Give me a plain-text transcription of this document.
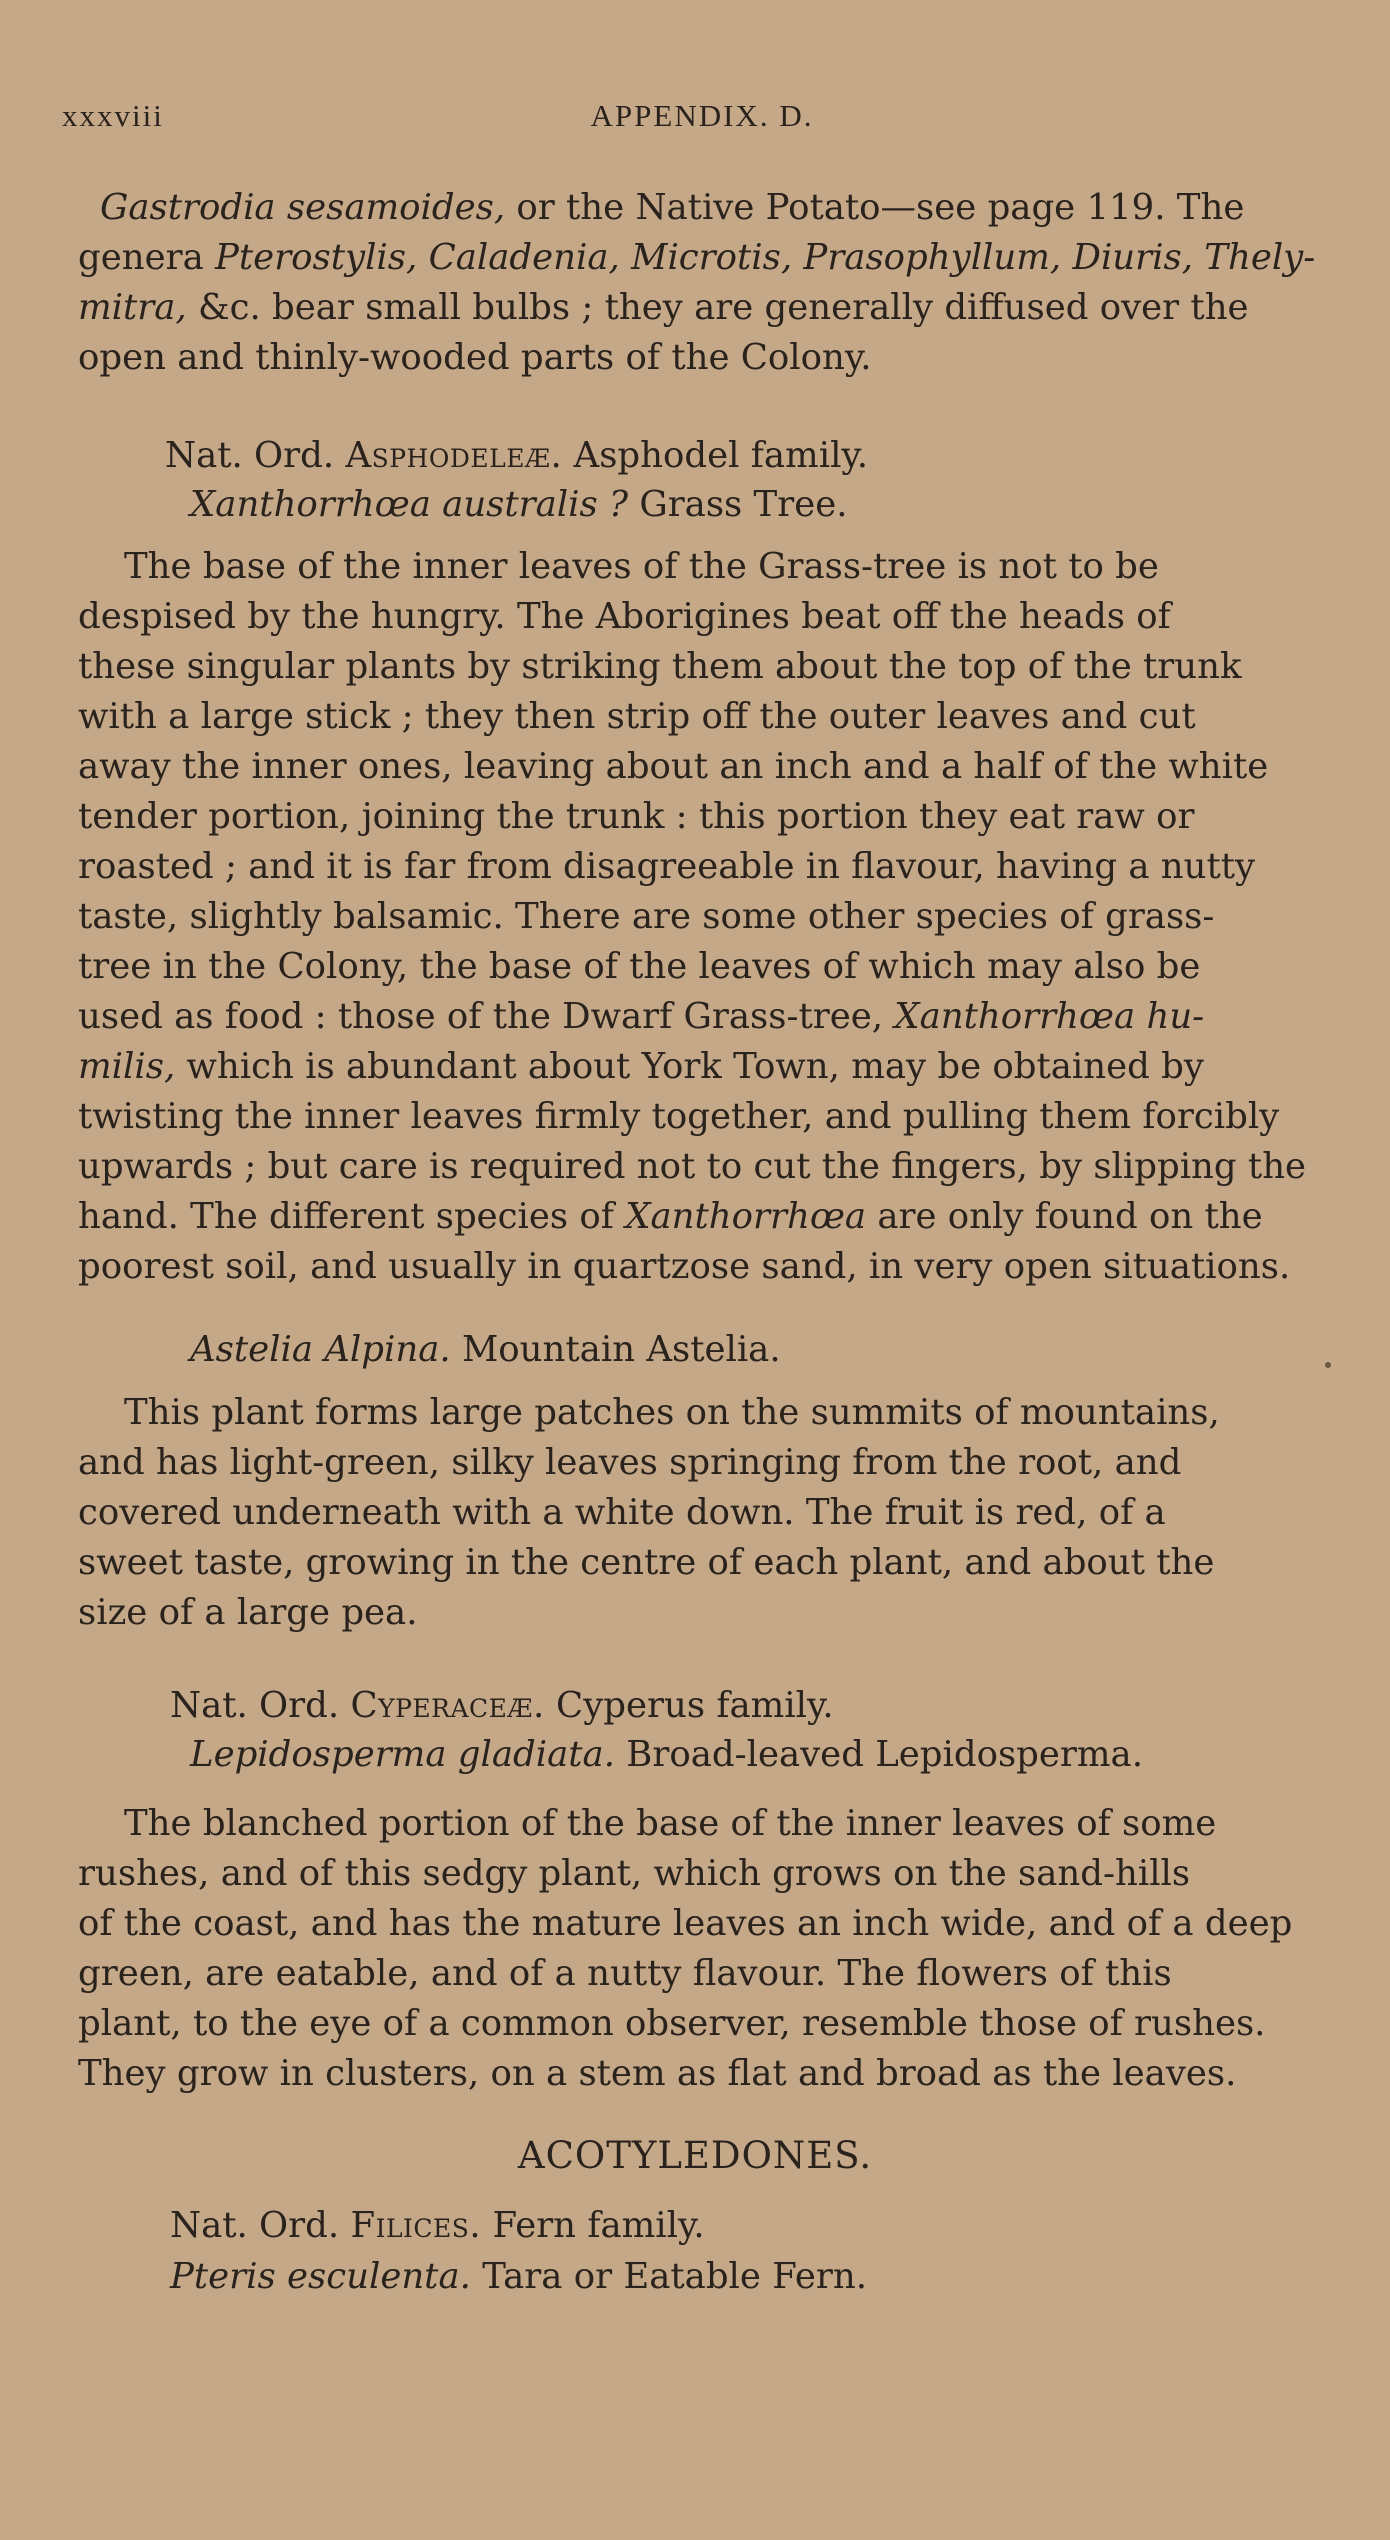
xxxviii	APPENDIX. D.
Gastrodia sesamoides, or the Native Potato—see page 119. The
genera Pterostylis, Caladenia, Microtis, Prasophyllum, Diuris, Thely-
mitra, &c. bear small bulbs ; they are generally diffused over the
open and thinly-wooded parts of the Colony.
Nat. Ord. Asphodeleæ. Asphodel family.
Xanthorrhœa australis ? Grass Tree.
The base of the inner leaves of the Grass-tree is not to be
despised by the hungry. The Aborigines beat off the heads of
these singular plants by striking them about the top of the trunk
with a large stick ; they then strip off the outer leaves and cut
away the inner ones, leaving about an inch and a half of the white
tender portion, joining the trunk : this portion they eat raw or
roasted ; and it is far from disagreeable in flavour, having a nutty
taste, slightly balsamic. There are some other species of grass-
tree in the Colony, the base of the leaves of which may also be
used as food : those of the Dwarf Grass-tree, Xanthorrhœa hu-
milis, which is abundant about York Town, may be obtained by
twisting the inner leaves firmly together, and pulling them forcibly
upwards ; but care is required not to cut the fingers, by slipping the
hand. The different species of Xanthorrhœa are only found on the
poorest soil, and usually in quartzose sand, in very open situations.
Astelia Alpina. Mountain Astelia.
This plant forms large patches on the summits of mountains,
and has light-green, silky leaves springing from the root, and
covered underneath with a white down. The fruit is red, of a
sweet taste, growing in the centre of each plant, and about the
size of a large pea.
Nat. Ord. Cyperaceæ. Cyperus family.
Lepidosperma gladiata. Broad-leaved Lepidosperma.
The blanched portion of the base of the inner leaves of some
rushes, and of this sedgy plant, which grows on the sand-hills
of the coast, and has the mature leaves an inch wide, and of a deep
green, are eatable, and of a nutty flavour. The flowers of this
plant, to the eye of a common observer, resemble those of rushes.
They grow in clusters, on a stem as flat and broad as the leaves.
ACOTYLEDONES.
Nat. Ord. Filices. Fern family.
Pteris esculenta. Tara or Eatable Fern.
